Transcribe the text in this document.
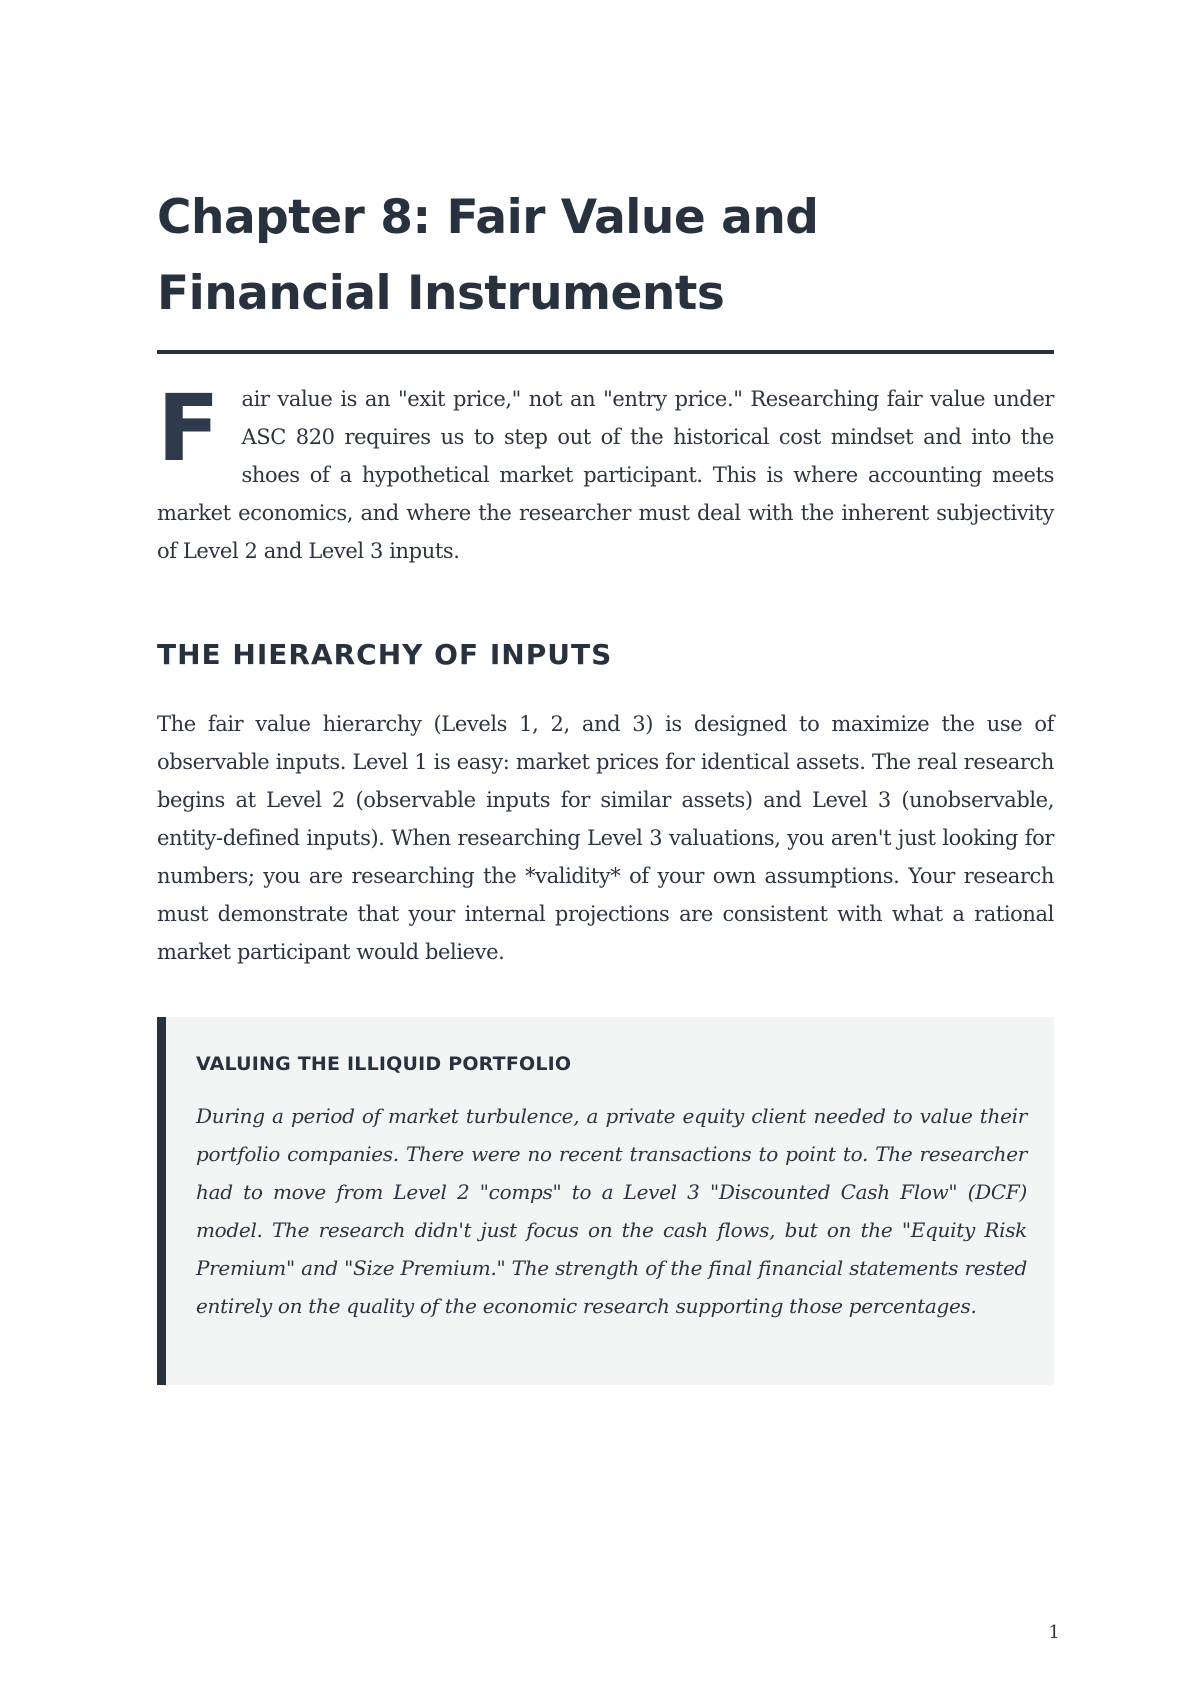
Chapter 8: Fair Value and Financial Instruments

F air value is an "exit price," not an "entry price." Researching fair value under ASC 820 requires us to step out of the historical cost mindset and into the shoes of a hypothetical market participant. This is where accounting meets market economics, and where the researcher must deal with the inherent subjectivity of Level 2 and Level 3 inputs.

THE HIERARCHY OF INPUTS

The fair value hierarchy (Levels 1, 2, and 3) is designed to maximize the use of observable inputs. Level 1 is easy: market prices for identical assets. The real research begins at Level 2 (observable inputs for similar assets) and Level 3 (unobservable, entity-defined inputs). When researching Level 3 valuations, you aren't just looking for numbers; you are researching the *validity* of your own assumptions. Your research must demonstrate that your internal projections are consistent with what a rational market participant would believe.

VALUING THE ILLIQUID PORTFOLIO

During a period of market turbulence, a private equity client needed to value their portfolio companies. There were no recent transactions to point to. The researcher had to move from Level 2 "comps" to a Level 3 "Discounted Cash Flow" (DCF) model. The research didn't just focus on the cash flows, but on the "Equity Risk Premium" and "Size Premium." The strength of the final financial statements rested entirely on the quality of the economic research supporting those percentages.

1
